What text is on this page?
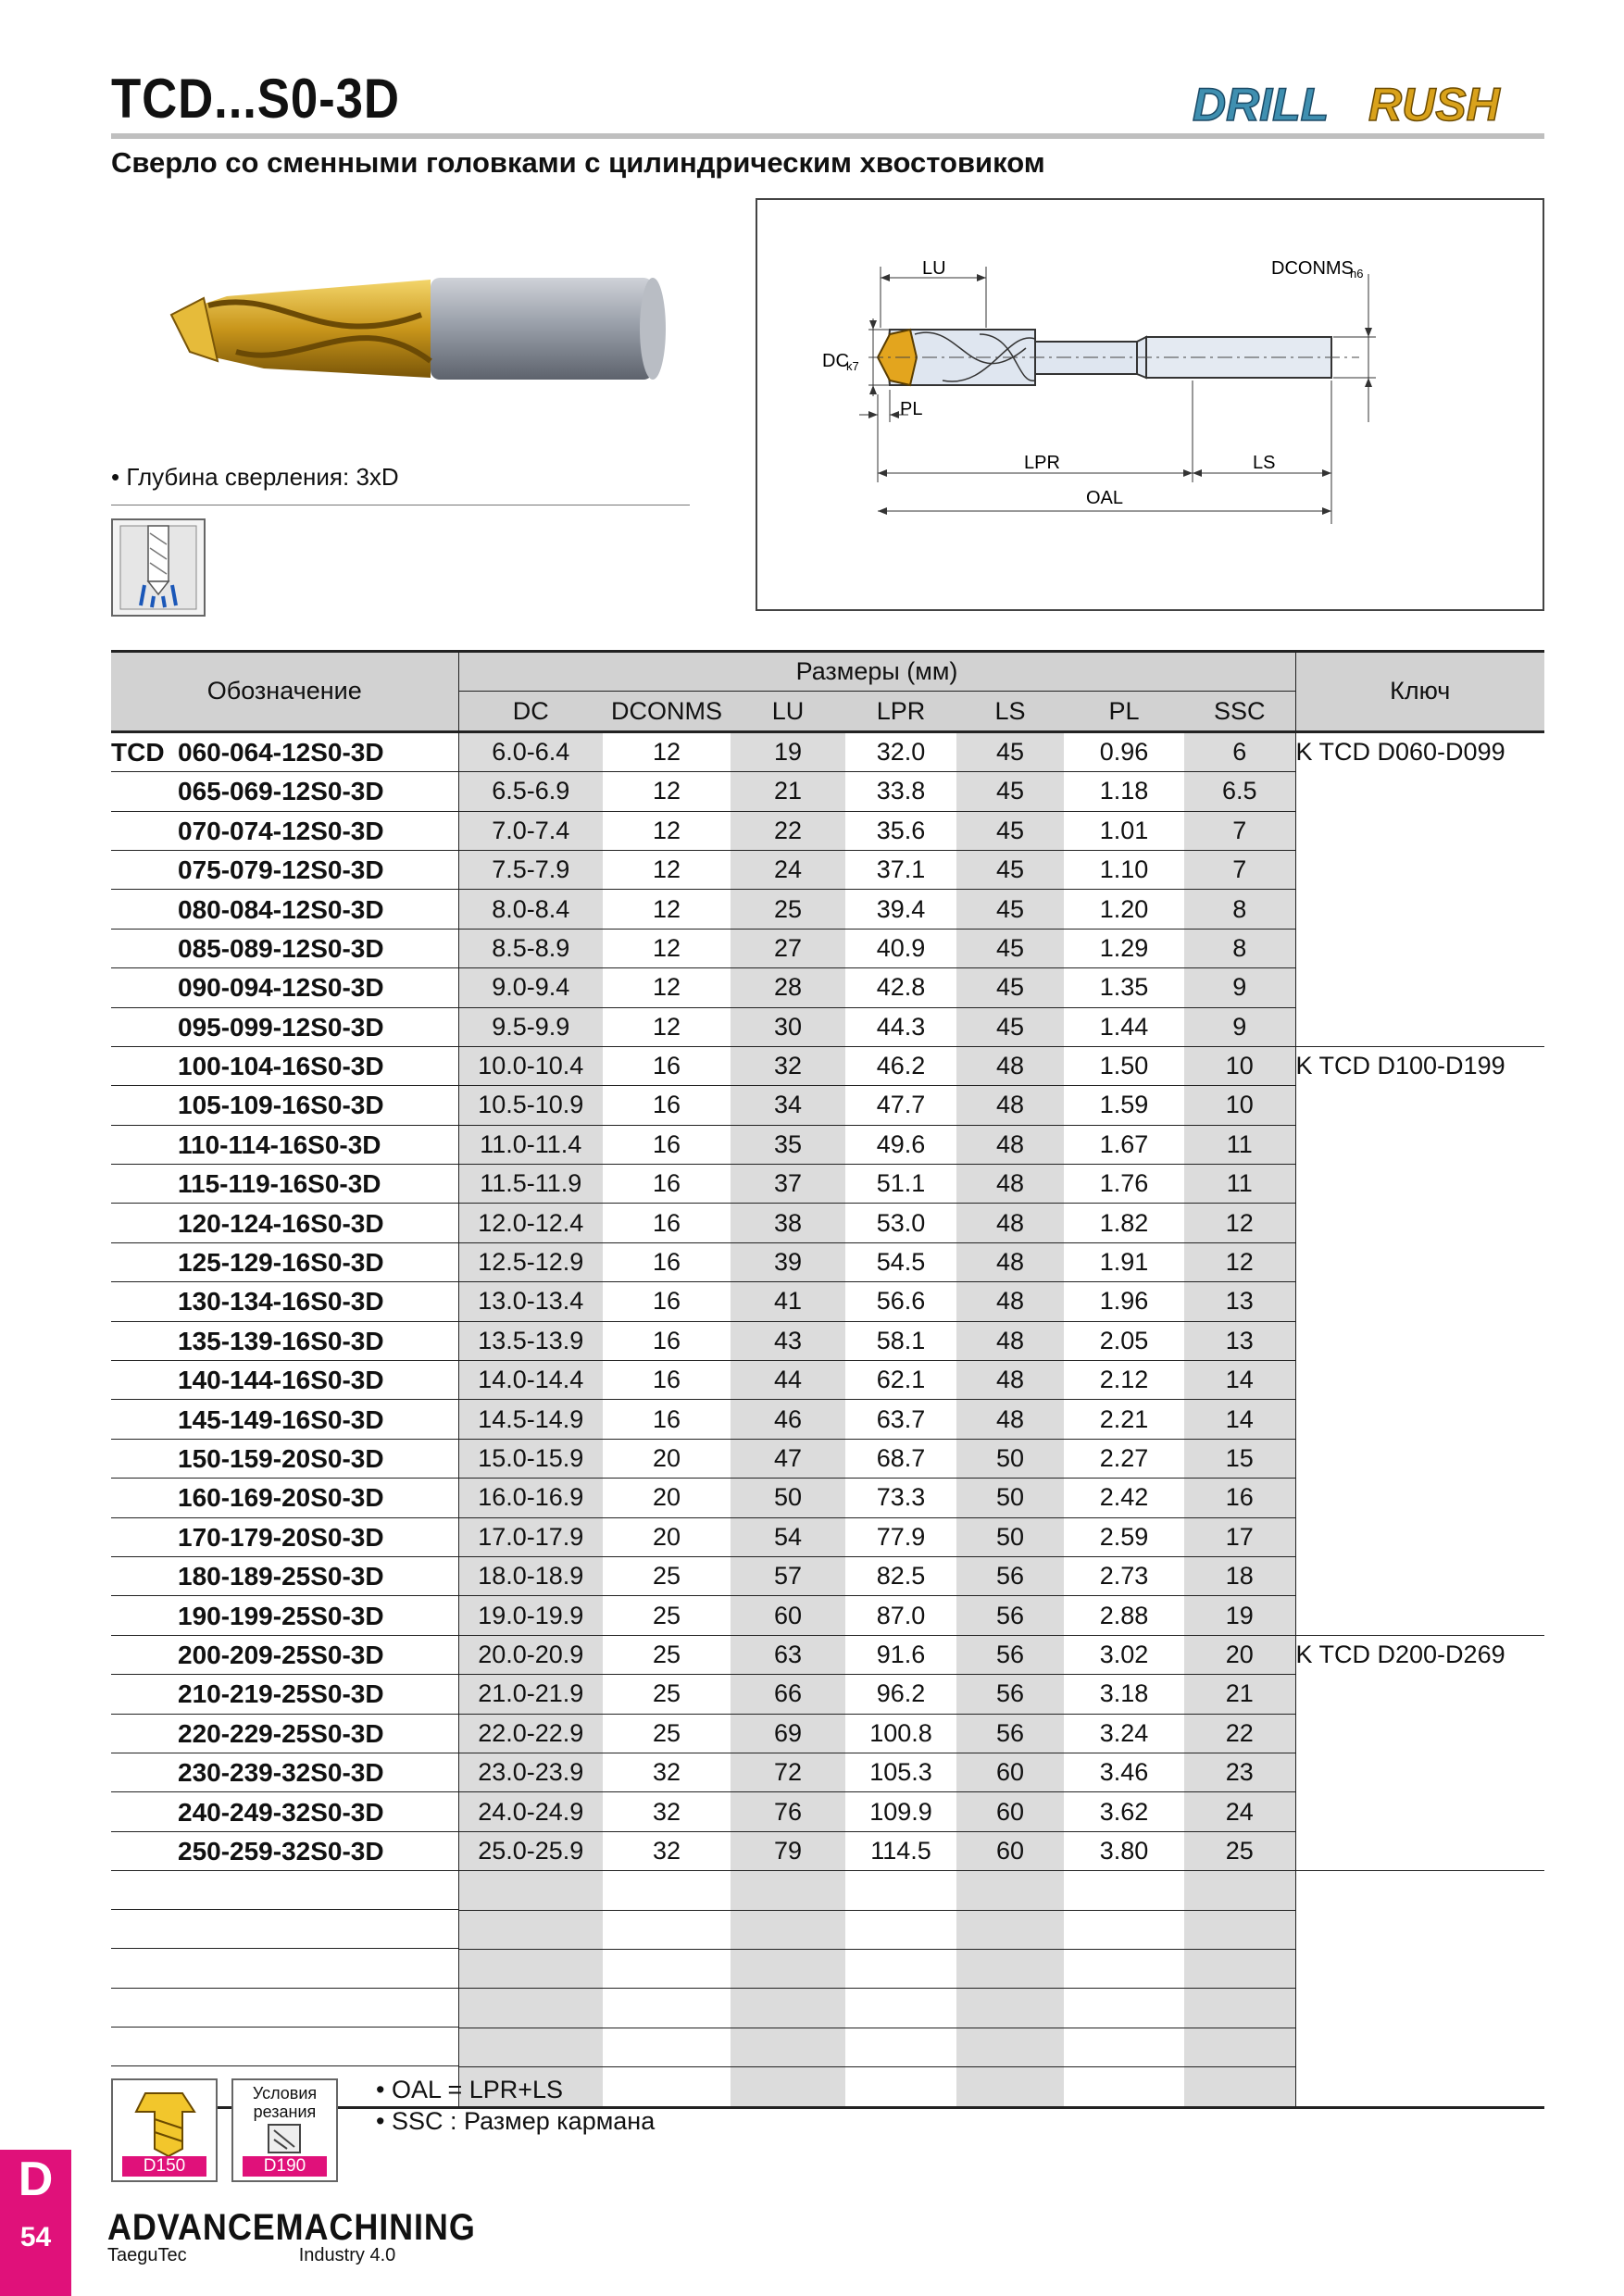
TCD...S0-3D	DRILL RUSH
Сверло со сменными головками с цилиндрическим хвостовиком
• Глубина сверления: 3xD
DC
k7
LU	DCONMS
h6
PL
LPR	LS
OAL
Обозначение	Размеры (мм)							Ключ
	DC	DCONMS	LU	LPR	LS	PL	SSC	
TCD 060-064-12S0-3D	6.0-6.4	12	19	32.0	45	0.96	6	K TCD D060-D099
065-069-12S0-3D	6.5-6.9	12	21	33.8	45	1.18	6.5	
070-074-12S0-3D	7.0-7.4	12	22	35.6	45	1.01	7	
075-079-12S0-3D	7.5-7.9	12	24	37.1	45	1.10	7	
080-084-12S0-3D	8.0-8.4	12	25	39.4	45	1.20	8	
085-089-12S0-3D	8.5-8.9	12	27	40.9	45	1.29	8	
090-094-12S0-3D	9.0-9.4	12	28	42.8	45	1.35	9	
095-099-12S0-3D	9.5-9.9	12	30	44.3	45	1.44	9	
100-104-16S0-3D	10.0-10.4	16	32	46.2	48	1.50	10	K TCD D100-D199
105-109-16S0-3D	10.5-10.9	16	34	47.7	48	1.59	10	
110-114-16S0-3D	11.0-11.4	16	35	49.6	48	1.67	11	
115-119-16S0-3D	11.5-11.9	16	37	51.1	48	1.76	11	
120-124-16S0-3D	12.0-12.4	16	38	53.0	48	1.82	12	
125-129-16S0-3D	12.5-12.9	16	39	54.5	48	1.91	12	
130-134-16S0-3D	13.0-13.4	16	41	56.6	48	1.96	13	
135-139-16S0-3D	13.5-13.9	16	43	58.1	48	2.05	13	
140-144-16S0-3D	14.0-14.4	16	44	62.1	48	2.12	14	
145-149-16S0-3D	14.5-14.9	16	46	63.7	48	2.21	14	
150-159-20S0-3D	15.0-15.9	20	47	68.7	50	2.27	15	
160-169-20S0-3D	16.0-16.9	20	50	73.3	50	2.42	16	
170-179-20S0-3D	17.0-17.9	20	54	77.9	50	2.59	17	
180-189-25S0-3D	18.0-18.9	25	57	82.5	56	2.73	18	
190-199-25S0-3D	19.0-19.9	25	60	87.0	56	2.88	19	
200-209-25S0-3D	20.0-20.9	25	63	91.6	56	3.02	20	K TCD D200-D269
210-219-25S0-3D	21.0-21.9	25	66	96.2	56	3.18	21	
220-229-25S0-3D	22.0-22.9	25	69	100.8	56	3.24	22	
230-239-32S0-3D	23.0-23.9	32	72	105.3	60	3.46	23	
240-249-32S0-3D	24.0-24.9	32	76	109.9	60	3.62	24	
250-259-32S0-3D	25.0-25.9	32	79	114.5	60	3.80	25	

D150
Условия резания
D190
• OAL = LPR+LS
• SSC : Размер кармана
D
54	ADVANCEMACHINING
TaeguTec	Industry 4.0
